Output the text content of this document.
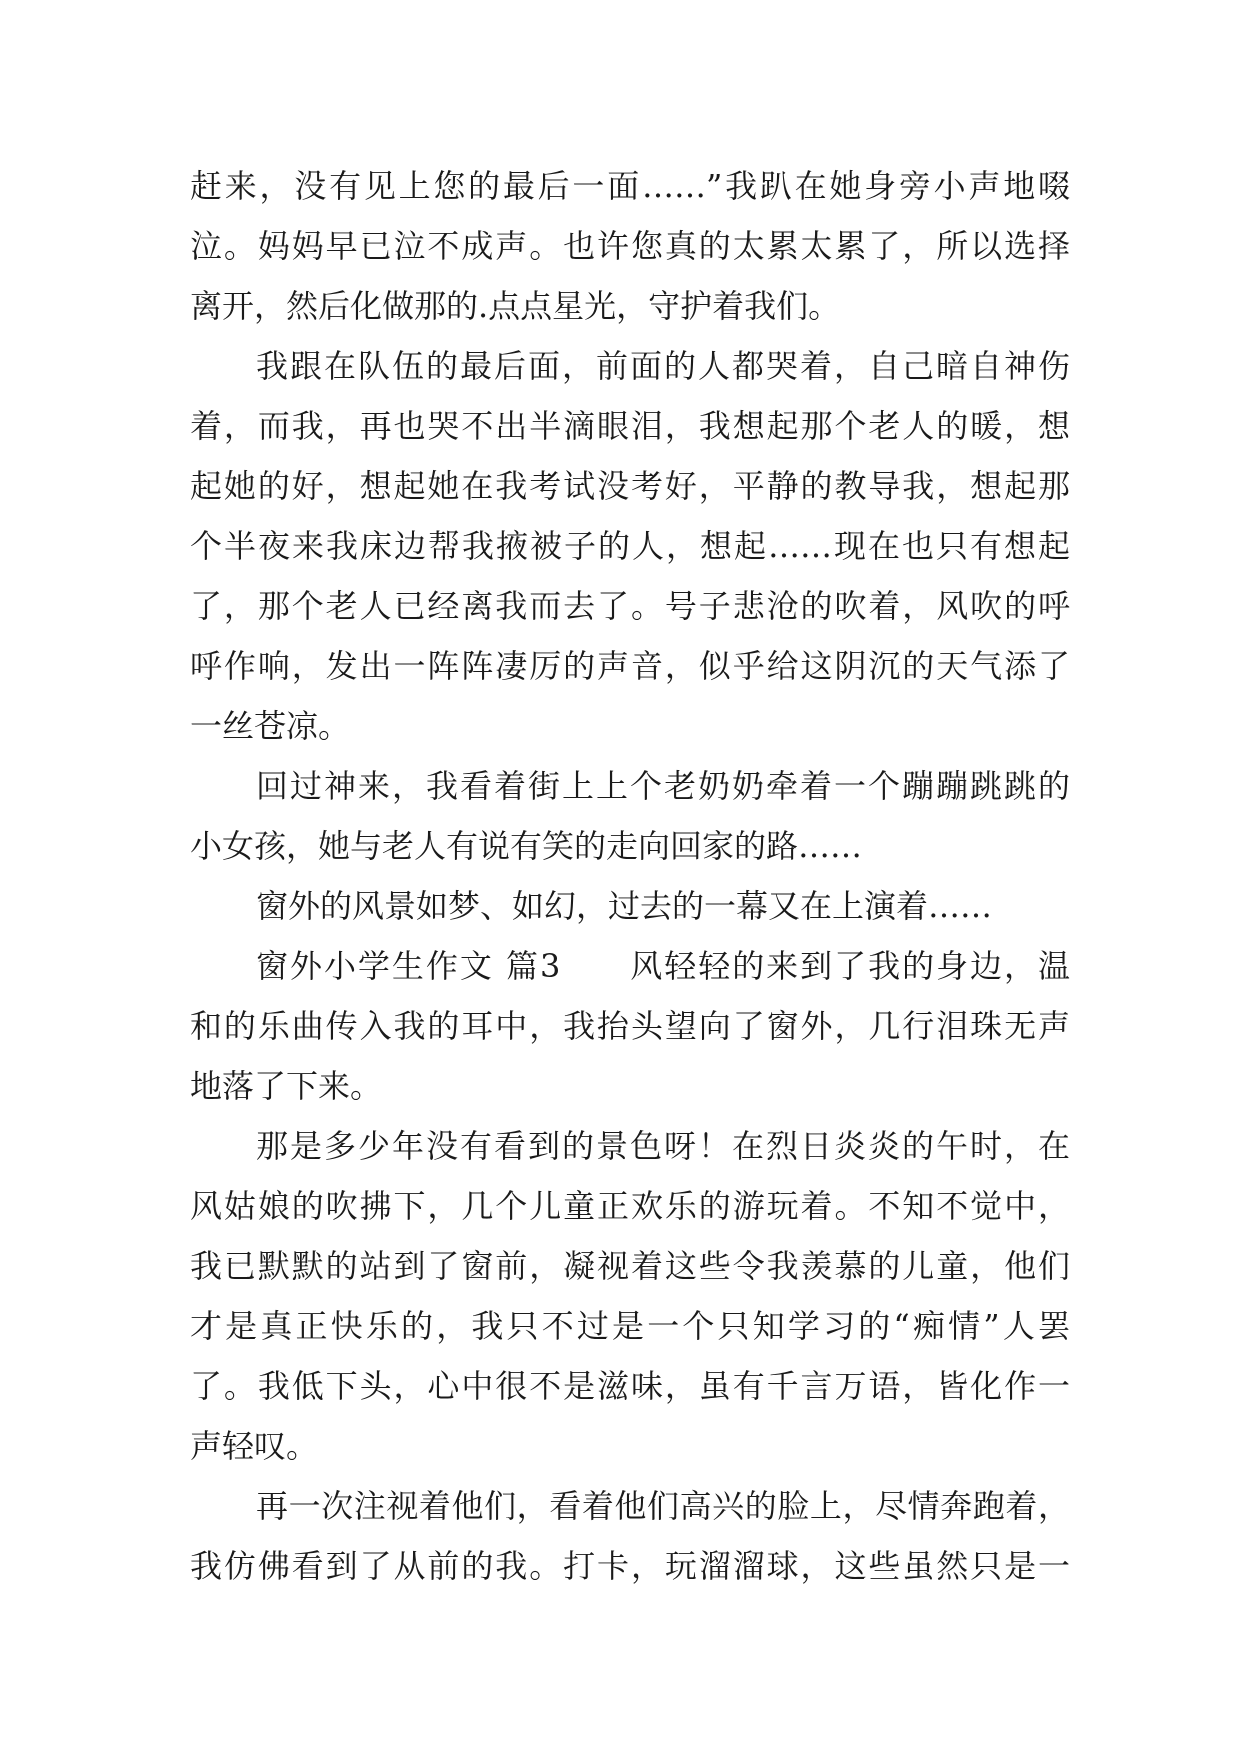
赶来，没有见上您的最后一面……”我趴在她身旁小声地啜
泣。妈妈早已泣不成声。也许您真的太累太累了，所以选择
离开，然后化做那的.点点星光，守护着我们。
我跟在队伍的最后面，前面的人都哭着，自己暗自神伤
着，而我，再也哭不出半滴眼泪，我想起那个老人的暖，想
起她的好，想起她在我考试没考好，平静的教导我，想起那
个半夜来我床边帮我掖被子的人，想起……现在也只有想起
了，那个老人已经离我而去了。号子悲沧的吹着，风吹的呼
呼作响，发出一阵阵凄厉的声音，似乎给这阴沉的天气添了
一丝苍凉。
回过神来，我看着街上上个老奶奶牵着一个蹦蹦跳跳的
小女孩，她与老人有说有笑的走向回家的路……
窗外的风景如梦、如幻，过去的一幕又在上演着……
窗外小学生作文 篇3　　风轻轻的来到了我的身边，温
和的乐曲传入我的耳中，我抬头望向了窗外，几行泪珠无声
地落了下来。
那是多少年没有看到的景色呀！在烈日炎炎的午时，在
风姑娘的吹拂下，几个儿童正欢乐的游玩着。不知不觉中，
我已默默的站到了窗前，凝视着这些令我羡慕的儿童，他们
才是真正快乐的，我只不过是一个只知学习的“痴情”人罢
了。我低下头，心中很不是滋味，虽有千言万语，皆化作一
声轻叹。
再一次注视着他们，看着他们高兴的脸上，尽情奔跑着，
我仿佛看到了从前的我。打卡，玩溜溜球，这些虽然只是一
